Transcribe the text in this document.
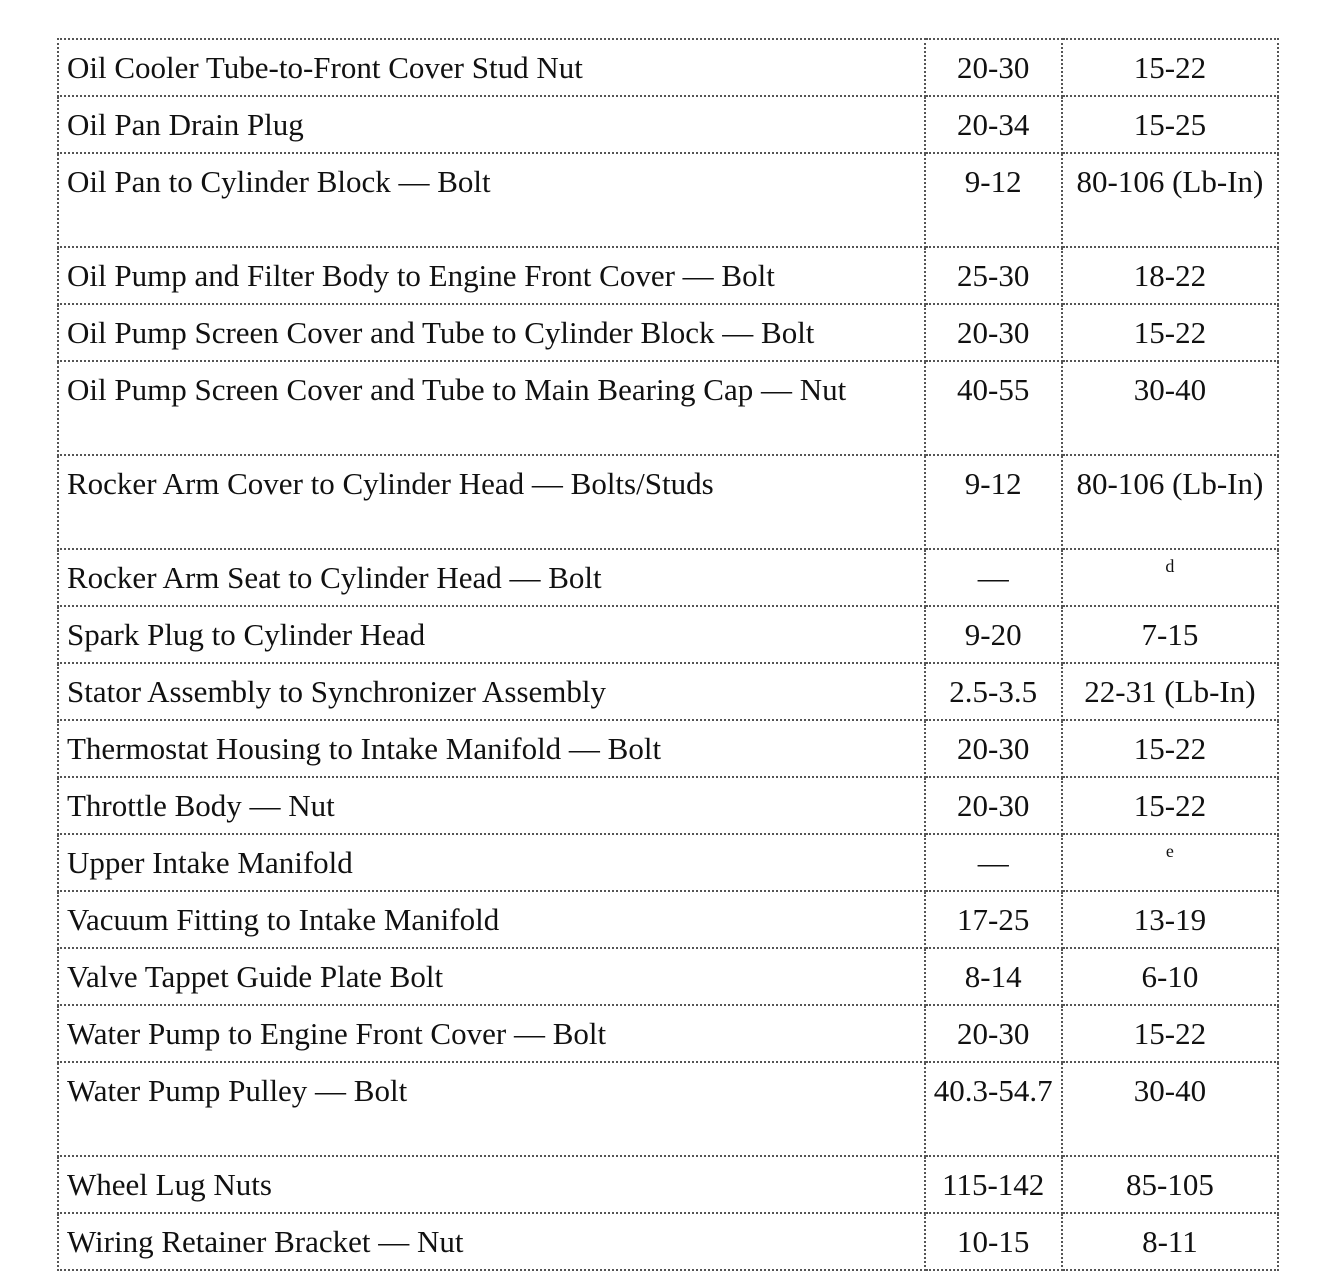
Oil Cooler Tube-to-Front Cover Stud Nut	20-30	15-22
Oil Pan Drain Plug	20-34	15-25
Oil Pan to Cylinder Block — Bolt	9-12	80-106 (Lb-In)
Oil Pump and Filter Body to Engine Front Cover — Bolt	25-30	18-22
Oil Pump Screen Cover and Tube to Cylinder Block — Bolt	20-30	15-22
Oil Pump Screen Cover and Tube to Main Bearing Cap — Nut	40-55	30-40
Rocker Arm Cover to Cylinder Head — Bolts/Studs	9-12	80-106 (Lb-In)
Rocker Arm Seat to Cylinder Head — Bolt	—	$^d$
Spark Plug to Cylinder Head	9-20	7-15
Stator Assembly to Synchronizer Assembly	2.5-3.5	22-31 (Lb-In)
Thermostat Housing to Intake Manifold — Bolt	20-30	15-22
Throttle Body — Nut	20-30	15-22
Upper Intake Manifold	—	$^e$
Vacuum Fitting to Intake Manifold	17-25	13-19
Valve Tappet Guide Plate Bolt	8-14	6-10
Water Pump to Engine Front Cover — Bolt	20-30	15-22
Water Pump Pulley — Bolt	40.3-54.7	30-40
Wheel Lug Nuts	115-142	85-105
Wiring Retainer Bracket — Nut	10-15	8-11
